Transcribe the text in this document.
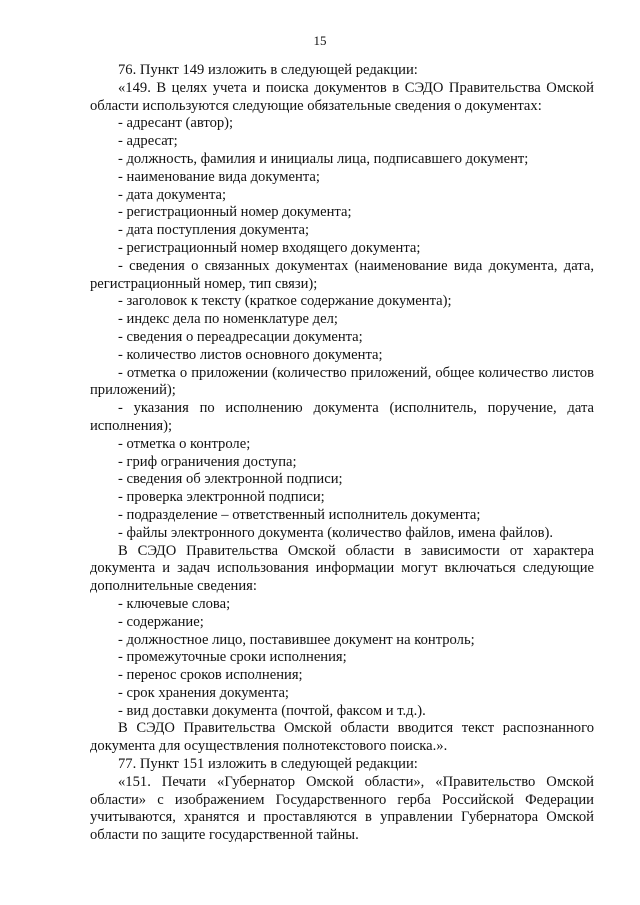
15

76. Пункт 149 изложить в следующей редакции:

«149. В целях учета и поиска документов в СЭДО Правительства Омской области используются следующие обязательные сведения о документах:

- адресант (автор);

- адресат;

- должность, фамилия и инициалы лица, подписавшего документ;

- наименование вида документа;

- дата документа;

- регистрационный номер документа;

- дата поступления документа;

- регистрационный номер входящего документа;

- сведения о связанных документах (наименование вида документа, дата, регистрационный номер, тип связи);

- заголовок к тексту (краткое содержание документа);

- индекс дела по номенклатуре дел;

- сведения о переадресации документа;

- количество листов основного документа;

- отметка о приложении (количество приложений, общее количество листов приложений);

- указания по исполнению документа (исполнитель, поручение, дата исполнения);

- отметка о контроле;

- гриф ограничения доступа;

- сведения об электронной подписи;

- проверка электронной подписи;

- подразделение – ответственный исполнитель документа;

- файлы электронного документа (количество файлов, имена файлов).

В СЭДО Правительства Омской области в зависимости от характера документа и задач использования информации могут включаться следующие дополнительные сведения:

- ключевые слова;

- содержание;

- должностное лицо, поставившее документ на контроль;

- промежуточные сроки исполнения;

- перенос сроков исполнения;

- срок хранения документа;

- вид доставки документа (почтой, факсом и т.д.).

В СЭДО Правительства Омской области вводится текст распознанного документа для осуществления полнотекстового поиска.».

77. Пункт 151 изложить в следующей редакции:

«151. Печати «Губернатор Омской области», «Правительство Омской области» с изображением Государственного герба Российской Федерации учитываются, хранятся и проставляются в управлении Губернатора Омской области по защите государственной тайны.
